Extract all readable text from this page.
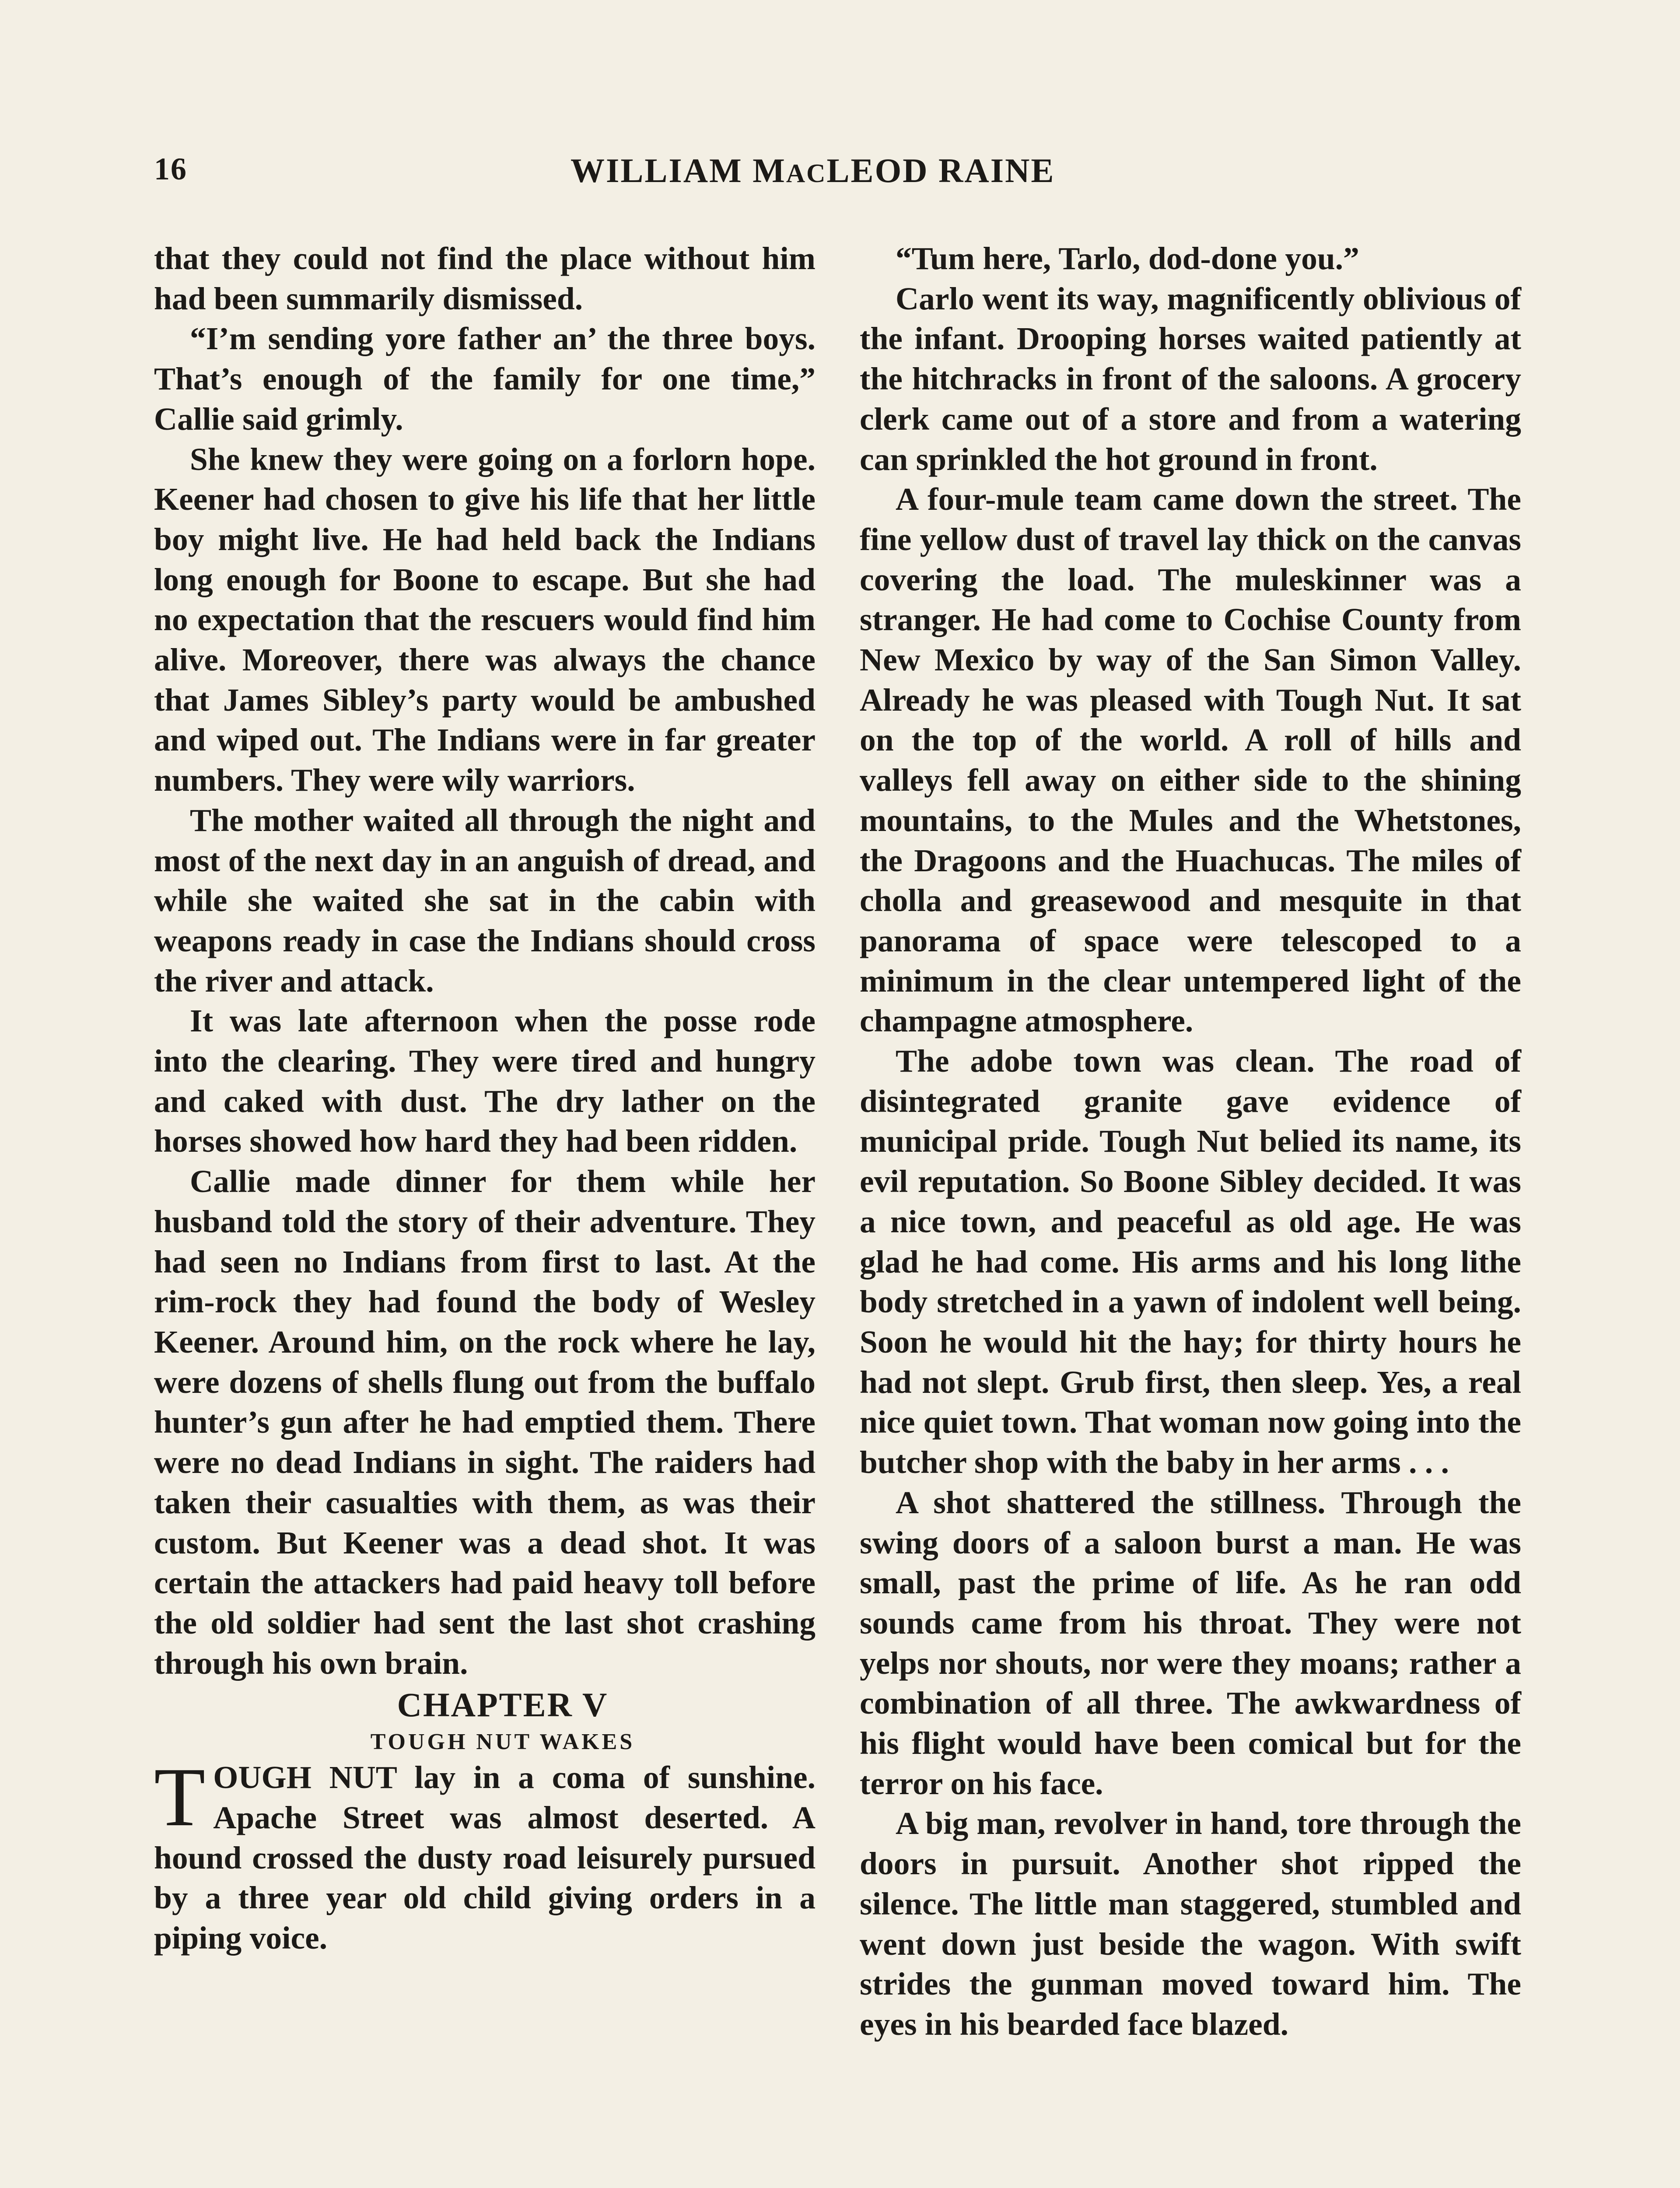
16	WILLIAM MACLEOD RAINE

that they could not find the place without him had been summarily dismissed.

“I’m sending yore father an’ the three boys. That’s enough of the family for one time,” Callie said grimly.

She knew they were going on a forlorn hope. Keener had chosen to give his life that her little boy might live. He had held back the Indians long enough for Boone to escape. But she had no expectation that the rescuers would find him alive. Moreover, there was always the chance that James Sibley’s party would be ambushed and wiped out. The Indians were in far greater numbers. They were wily warriors.

The mother waited all through the night and most of the next day in an anguish of dread, and while she waited she sat in the cabin with weapons ready in case the Indians should cross the river and attack.

It was late afternoon when the posse rode into the clearing. They were tired and hungry and caked with dust. The dry lather on the horses showed how hard they had been ridden.

Callie made dinner for them while her husband told the story of their adventure. They had seen no Indians from first to last. At the rim-rock they had found the body of Wesley Keener. Around him, on the rock where he lay, were dozens of shells flung out from the buffalo hunter’s gun after he had emptied them. There were no dead Indians in sight. The raiders had taken their casualties with them, as was their custom. But Keener was a dead shot. It was certain the attackers had paid heavy toll before the old soldier had sent the last shot crashing through his own brain.

CHAPTER V

TOUGH NUT WAKES

TOUGH NUT lay in a coma of sunshine. Apache Street was almost deserted. A hound crossed the dusty road leisurely pursued by a three year old child giving orders in a piping voice.

“Tum here, Tarlo, dod-done you.”

Carlo went its way, magnificently oblivious of the infant. Drooping horses waited patiently at the hitchracks in front of the saloons. A grocery clerk came out of a store and from a watering can sprinkled the hot ground in front.

A four-mule team came down the street. The fine yellow dust of travel lay thick on the canvas covering the load. The muleskinner was a stranger. He had come to Cochise County from New Mexico by way of the San Simon Valley. Already he was pleased with Tough Nut. It sat on the top of the world. A roll of hills and valleys fell away on either side to the shining mountains, to the Mules and the Whetstones, the Dragoons and the Huachucas. The miles of cholla and greasewood and mesquite in that panorama of space were telescoped to a minimum in the clear untempered light of the champagne atmosphere.

The adobe town was clean. The road of disintegrated granite gave evidence of municipal pride. Tough Nut belied its name, its evil reputation. So Boone Sibley decided. It was a nice town, and peaceful as old age. He was glad he had come. His arms and his long lithe body stretched in a yawn of indolent well being. Soon he would hit the hay; for thirty hours he had not slept. Grub first, then sleep. Yes, a real nice quiet town. That woman now going into the butcher shop with the baby in her arms . . .

A shot shattered the stillness. Through the swing doors of a saloon burst a man. He was small, past the prime of life. As he ran odd sounds came from his throat. They were not yelps nor shouts, nor were they moans; rather a combination of all three. The awkwardness of his flight would have been comical but for the terror on his face.

A big man, revolver in hand, tore through the doors in pursuit. Another shot ripped the silence. The little man staggered, stumbled and went down just beside the wagon. With swift strides the gunman moved toward him. The eyes in his bearded face blazed.
